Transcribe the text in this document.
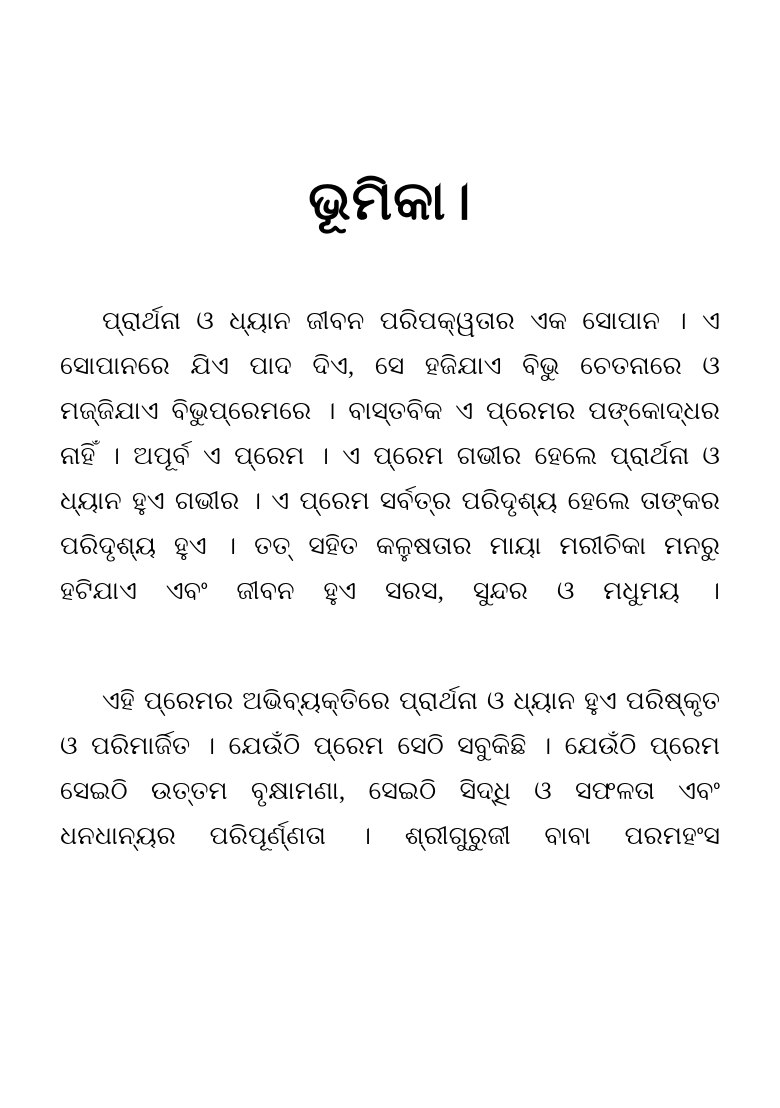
ଭୂମିକା।

ପ୍ରାର୍ଥନା ଓ ଧ୍ୟାନ ଜୀବନ ପରିପକ୍ୱତାର ଏକ ସୋପାନ । ଏ ସୋପାନରେ ଯିଏ ପାଦ ଦିଏ, ସେ ହଜିଯାଏ ବିଭୁ ଚେତନାରେ ଓ ମଜ୍ଜିଯାଏ ବିଭୁପ୍ରେମରେ । ବାସ୍ତବିକ ଏ ପ୍ରେମର ପଙ୍କୋଦ୍ଧର ନାହିଁ । ଅପୂର୍ବ ଏ ପ୍ରେମ । ଏ ପ୍ରେମ ଗଭୀର ହେଲେ ପ୍ରାର୍ଥନା ଓ ଧ୍ୟାନ ହୁଏ ଗଭୀର । ଏ ପ୍ରେମ ସର୍ବତ୍ର ପରିଦୃଶ୍ୟ ହେଲେ ତାଙ୍କର ପରିଦୃଶ୍ୟ ହୁଏ । ତତ୍ ସହିତ କଳୁଷତାର ମାୟା ମରୀଚିକା ମନରୁ ହଟିଯାଏ ଏବଂ ଜୀବନ ହୁଏ ସରସ, ସୁନ୍ଦର ଓ ମଧୁମୟ ।

ଏହି ପ୍ରେମର ଅଭିବ୍ୟକ୍ତିରେ ପ୍ରାର୍ଥନା ଓ ଧ୍ୟାନ ହୁଏ ପରିଷ୍କୃତ ଓ ପରିମାର୍ଜିତ । ଯେଉଁଠି ପ୍ରେମ ସେଠି ସବୁକିଛି । ଯେଉଁଠି ପ୍ରେମ ସେଇଠି ଉତ୍ତମ ବୃକ୍ଷାମଣା, ସେଇଠି ସିଦ୍ଧି ଓ ସଫଳତା ଏବଂ ଧନଧାନ୍ୟର ପରିପୂର୍ଣ୍ଣତା । ଶ୍ରୀଗୁରୁଜୀ ବାବା ପରମହଂସ
